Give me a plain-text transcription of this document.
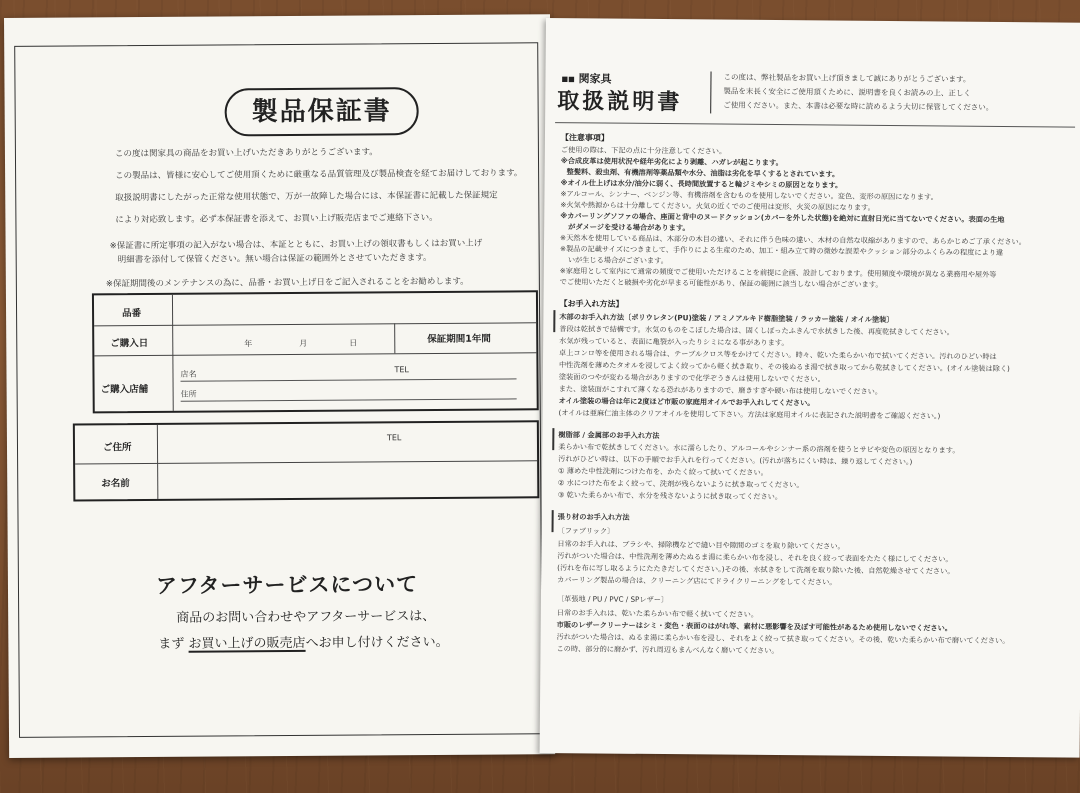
製品保証書
この度は関家具の商品をお買い上げいただきありがとうございます。
この製品は、皆様に安心してご使用頂くために厳重なる品質管理及び製品検査を経てお届けしております。
取扱説明書にしたがった正常な使用状態で、万が一故障した場合には、本保証書に記載した保証規定
により対応致します。必ず本保証書を添えて、お買い上げ販売店までご連絡下さい。
※保証書に所定事項の記入がない場合は、本証とともに、お買い上げの領収書もしくはお買い上げ
明細書を添付して保管ください。無い場合は保証の範囲外とさせていただきます。
※保証期間後のメンテナンスの為に、品番・お買い上げ日をご記入されることをお勧めします。
品番
ご購入日	年	月	日	保証期間1年間
ご購入店舗
店名	TEL
住所
ご住所
TEL
お名前
アフターサービスについて
商品のお問い合わせやアフターサービスは、
まず お買い上げの販売店へお申し付けください。
■■ 関家具
取扱説明書
この度は、弊社製品をお買い上げ頂きまして誠にありがとうございます。
製品を末長く安全にご使用頂くために、説明書を良くお読みの上、正しく
ご使用ください。また、本書は必要な時に読めるよう大切に保管してください。
【注意事項】
ご使用の際は、下記の点に十分注意してください。
※合成皮革は使用状況や経年劣化により剥離、ハガレが起こります。
整髪料、殺虫剤、有機溶剤等薬品類や水分、油脂は劣化を早くするとされています。
※オイル仕上げは水分/油分に弱く、長時間放置すると輪ジミやシミの原因となります。
※アルコール、シンナー、ベンジン等、有機溶剤を含むものを使用しないでください。変色、変形の原因になります。
※火気や熱源からは十分離してください。火気の近くでのご使用は変形、火災の原因になります。
※カバーリングソファの場合、座面と背中のヌードクッション(カバーを外した状態)を絶対に直射日光に当てないでください。表面の生地
がダメージを受ける場合があります。
※天然木を使用している商品は、木部分の木目の違い、それに伴う色味の違い、木材の自然な収縮がありますので、あらかじめご了承ください。
※製品の記載サイズにつきまして、手作りによる生産のため、加工・組み立て時の微妙な誤差やクッション部分のふくらみの程度により違
いが生じる場合がございます。
※家庭用として室内にて通常の頻度でご使用いただけることを前提に企画、設計しております。使用頻度や環境が異なる業務用や屋外等
でご使用いただくと破損や劣化が早まる可能性があり、保証の範囲に該当しない場合がございます。
【お手入れ方法】
木部のお手入れ方法〔ポリウレタン(PU)塗装 / アミノアルキド樹脂塗装 / ラッカー塗装 / オイル塗装〕
普段は乾拭きで結構です。水気のものをこぼした場合は、固くしぼったふきんで水拭きした後、再度乾拭きしてください。
水気が残っていると、表面に亀裂が入ったりシミになる事があります。
卓上コンロ等を使用される場合は、テーブルクロス等をかけてください。時々、乾いた柔らかい布で拭いてください。汚れのひどい時は
中性洗剤を薄めたタオルを浸してよく絞ってから軽く拭き取り、その後ぬるま湯で拭き取ってから乾拭きしてください。(オイル塗装は除く)
塗装面のつやが変わる場合がありますので化学ぞうきんは使用しないでください。
また、塗装面がこすれて薄くなる恐れがありますので、磨きすぎや硬い布は使用しないでください。
オイル塗装の場合は年に2度ほど市販の家庭用オイルでお手入れしてください。
(オイルは亜麻仁油主体のクリアオイルを使用して下さい。方法は家庭用オイルに表記された説明書をご確認ください。)
樹脂部 / 金属部のお手入れ方法
柔らかい布で乾拭きしてください。水に濡らしたり、アルコールやシンナー系の溶剤を使うとサビや変色の原因となります。
汚れがひどい時は、以下の手順でお手入れを行ってください。(汚れが落ちにくい時は、繰り返してください。)
① 薄めた中性洗剤につけた布を、かたく絞って拭いてください。
② 水につけた布をよく絞って、洗剤が残らないように拭き取ってください。
③ 乾いた柔らかい布で、水分を残さないように拭き取ってください。
張り材のお手入れ方法
〔ファブリック〕
日常のお手入れは、ブラシや、掃除機などで縫い目や隙間のゴミを取り除いてください。
汚れがついた場合は、中性洗剤を薄めたぬるま湯に柔らかい布を浸し、それを良く絞って表面をたたく様にしてください。
(汚れを布に写し取るようにたたきだしてください。)その後、水拭きをして洗剤を取り除いた後、自然乾燥させてください。
カバーリング製品の場合は、クリーニング店にてドライクリーニングをしてください。
〔革張地 / PU / PVC / SPレザー〕
日常のお手入れは、乾いた柔らかい布で軽く拭いてください。
市販のレザークリーナーはシミ・変色・表面のはがれ等、素材に悪影響を及ぼす可能性があるため使用しないでください。
汚れがついた場合は、ぬるま湯に柔らかい布を浸し、それをよく絞って拭き取ってください。その後、乾いた柔らかい布で磨いてください。
この時、部分的に磨かず、汚れ周辺もまんべんなく磨いてください。
